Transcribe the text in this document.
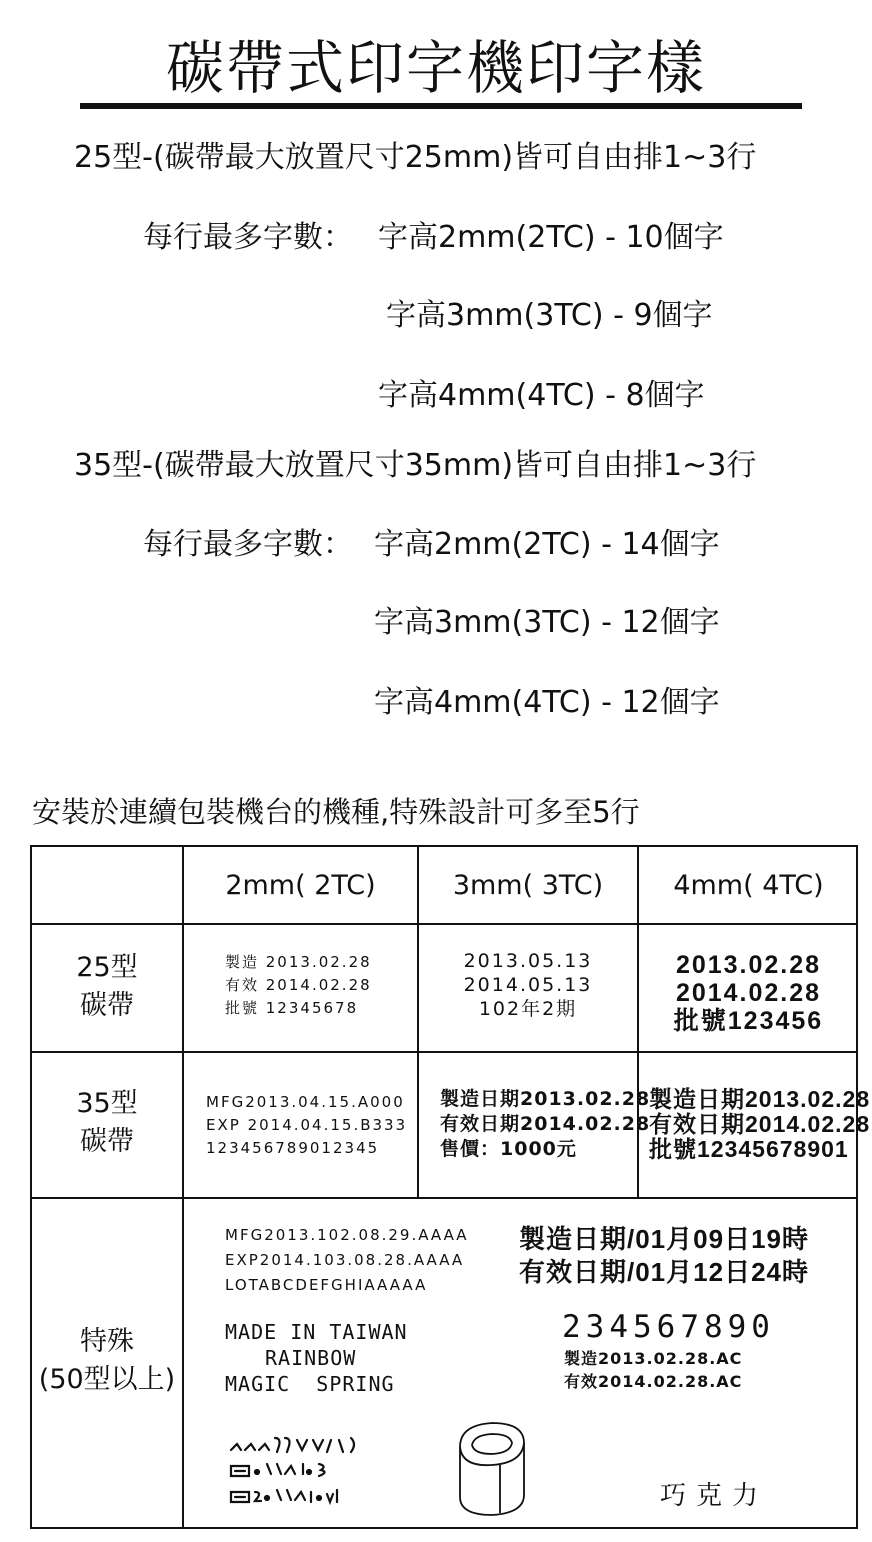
碳帶式印字機印字樣
25型-(碳帶最大放置尺寸25mm)皆可自由排1~3行
每行最多字數： 字高2mm(2TC) - 10個字
字高3mm(3TC) - 9個字
字高4mm(4TC) - 8個字
35型-(碳帶最大放置尺寸35mm)皆可自由排1~3行
每行最多字數： 字高2mm(2TC) - 14個字
字高3mm(3TC) - 12個字
字高4mm(4TC) - 12個字
安裝於連續包裝機台的機種,特殊設計可多至5行
2mm( 2TC)	3mm( 3TC)	4mm( 4TC)
25型
碳帶
製造 2013.02.28
有效 2014.02.28
批號 12345678
2013.05.13
2014.05.13
102年2期
2013.02.28
2014.02.28
批號123456
35型
碳帶
MFG2013.04.15.A000
EXP 2014.04.15.B333
123456789012345
製造日期2013.02.28
有效日期2014.02.28
售價：1000元
製造日期2013.02.28
有效日期2014.02.28
批號12345678901
特殊
(50型以上)
MFG2013.102.08.29.AAAA
EXP2014.103.08.28.AAAA
LOTABCDEFGHIAAAAA
製造日期/01月09日19時
有效日期/01月12日24時
MADE IN TAIWAN
RAINBOW
MAGIC  SPRING
234567890
製造2013.02.28.AC
有效2014.02.28.AC
巧克力
